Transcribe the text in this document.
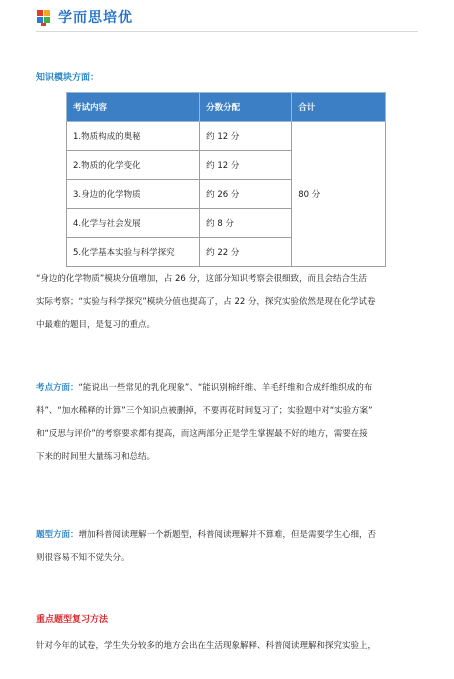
学而思培优
知识模块方面：
考试内容	分数分配	合计
1.物质构成的奥秘	约 12 分	80 分
2.物质的化学变化	约 12 分	
3.身边的化学物质	约 26 分	
4.化学与社会发展	约 8 分	
5.化学基本实验与科学探究	约 22 分	
“身边的化学物质”模块分值增加，占 26 分，这部分知识考察会很细致，而且会结合生活
实际考察；“实验与科学探究”模块分值也提高了，占 22 分，探究实验依然是现在化学试卷
中最难的题目，是复习的重点。
考点方面：“能说出一些常见的乳化现象”、“能识别棉纤维、羊毛纤维和合成纤维织成的布
料”、“加水稀释的计算”三个知识点被删掉，不要再花时间复习了；实验题中对“实验方案”
和“反思与评价”的考察要求都有提高，而这两部分正是学生掌握最不好的地方，需要在接
下来的时间里大量练习和总结。
题型方面：增加科普阅读理解一个新题型，科普阅读理解并不算难，但是需要学生心细，否
则很容易不知不觉失分。
重点题型复习方法
针对今年的试卷，学生失分较多的地方会出在生活现象解释、科普阅读理解和探究实验上，
